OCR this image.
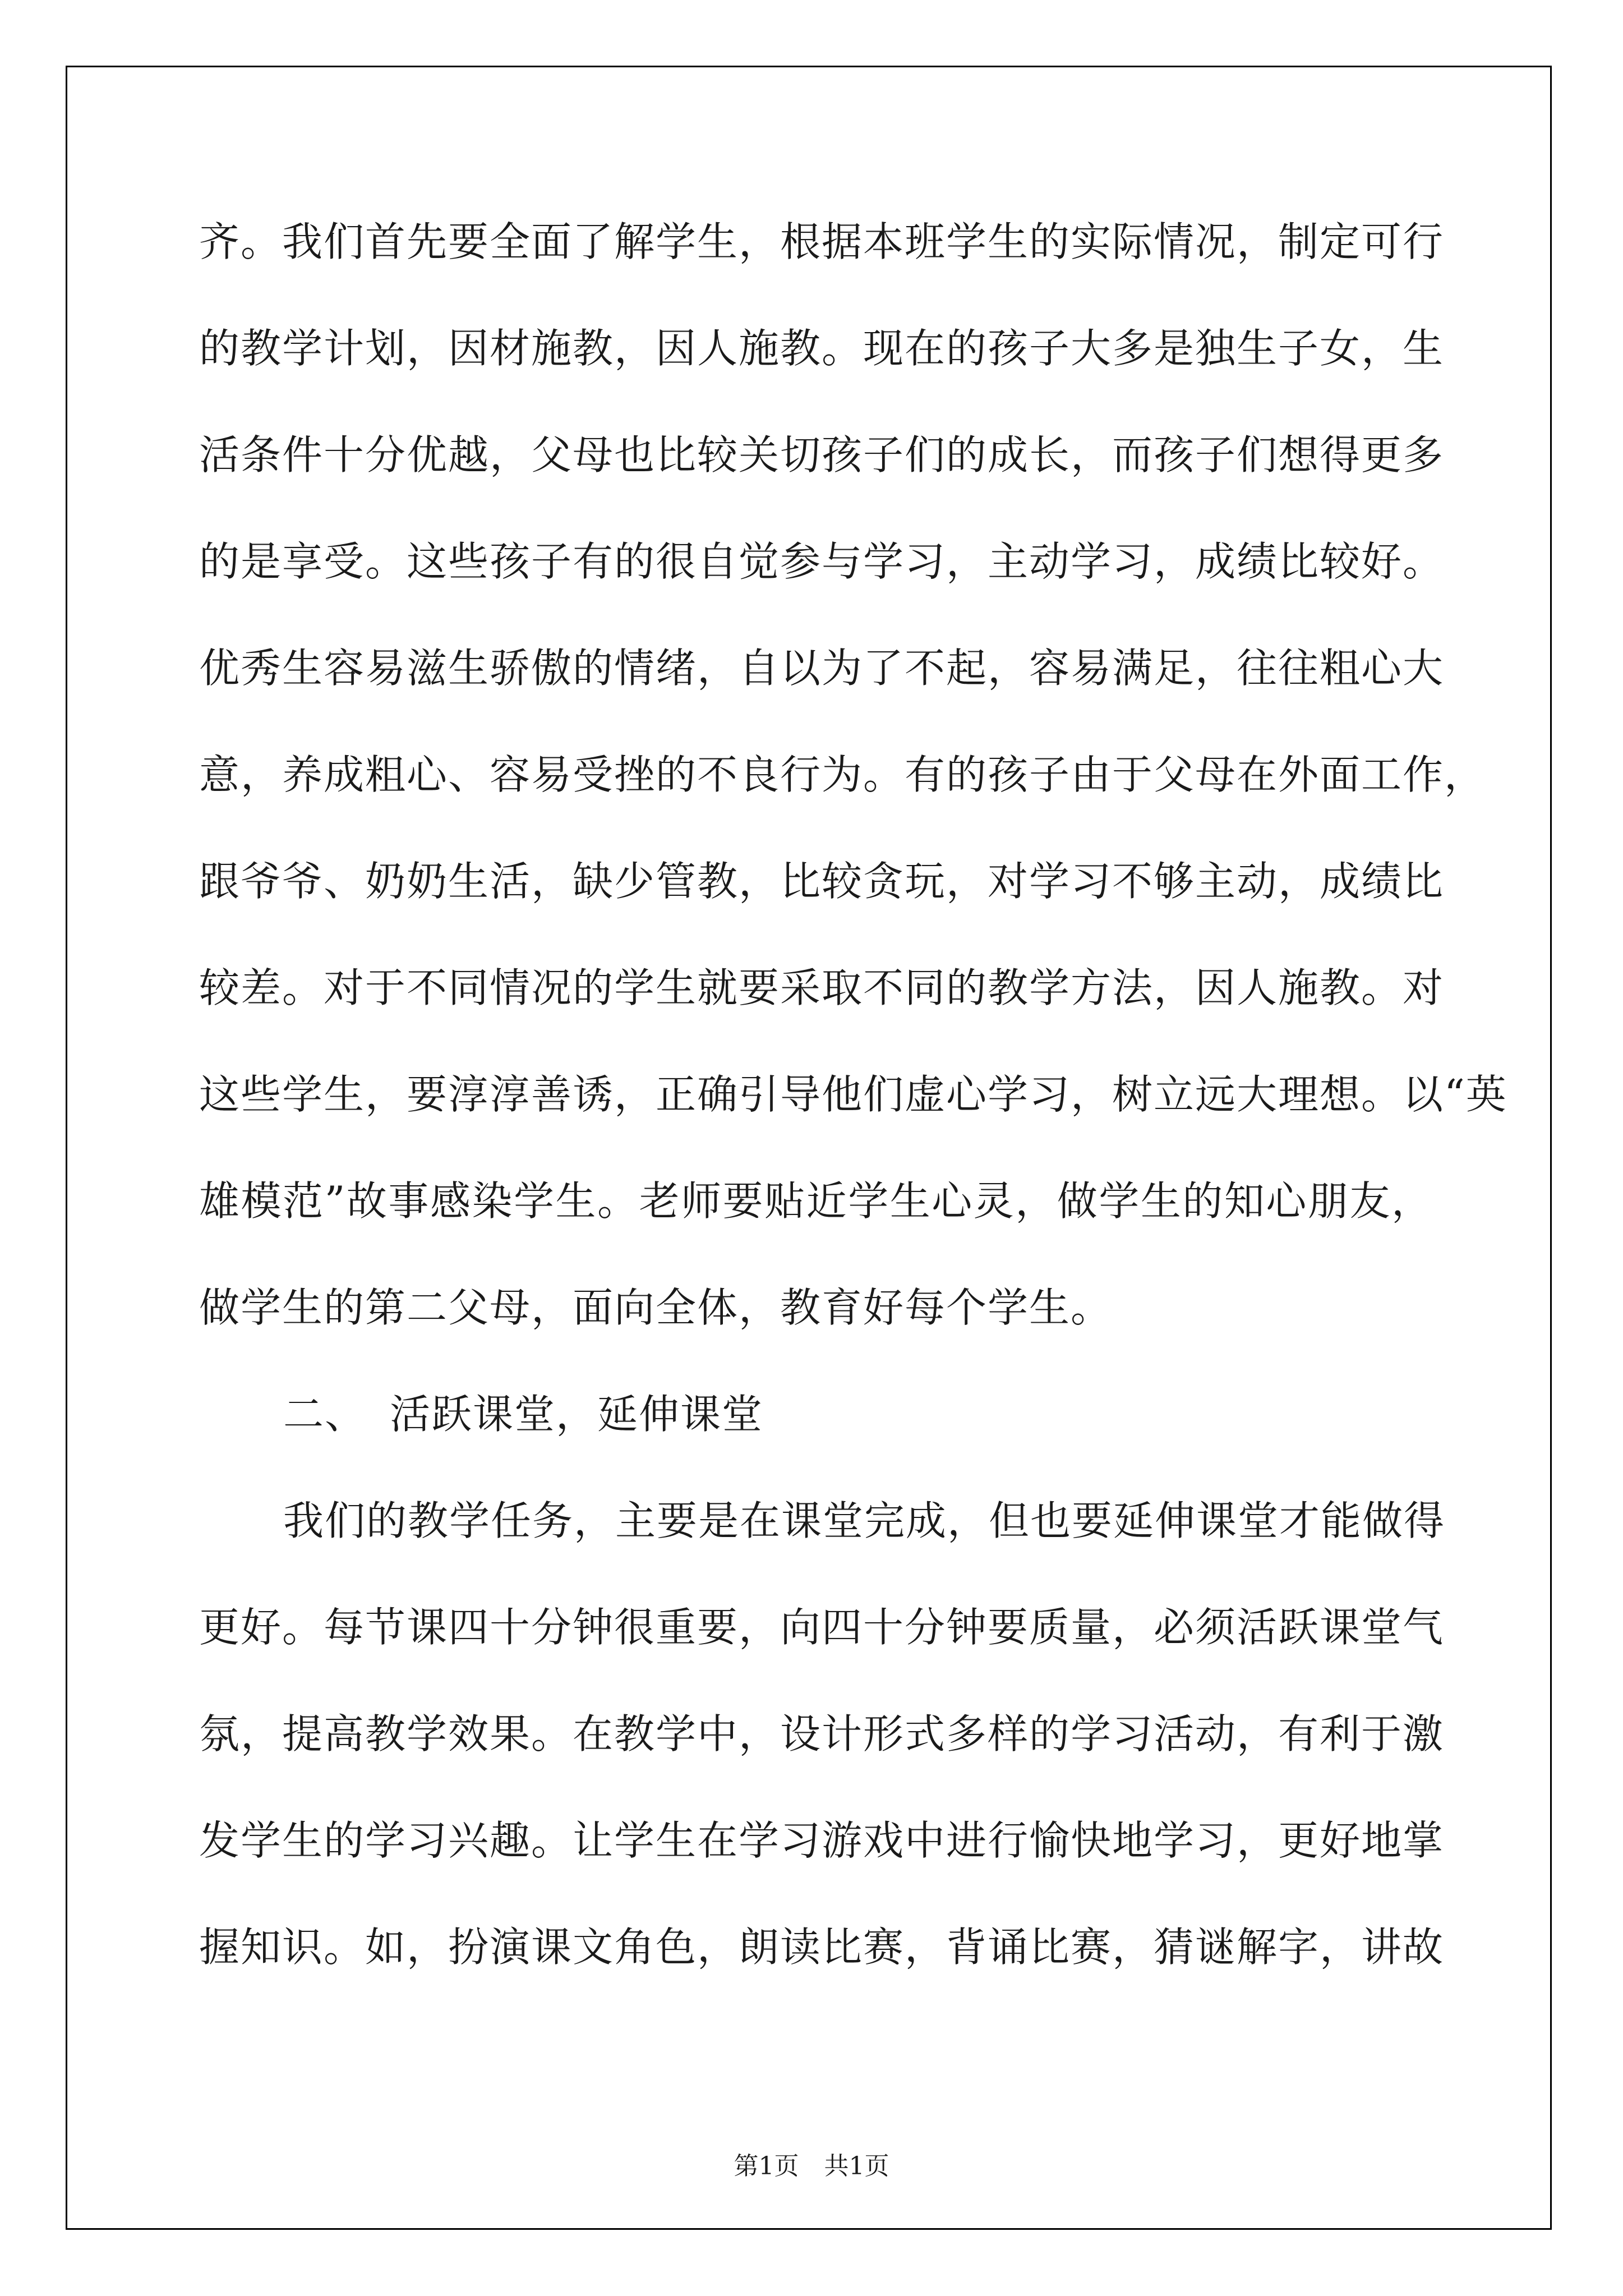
齐。我们首先要全面了解学生，根据本班学生的实际情况，制定可行
的教学计划，因材施教，因人施教。现在的孩子大多是独生子女，生
活条件十分优越，父母也比较关切孩子们的成长，而孩子们想得更多
的是享受。这些孩子有的很自觉参与学习，主动学习，成绩比较好。
优秀生容易滋生骄傲的情绪，自以为了不起，容易满足，往往粗心大
意，养成粗心、容易受挫的不良行为。有的孩子由于父母在外面工作，
跟爷爷、奶奶生活，缺少管教，比较贪玩，对学习不够主动，成绩比
较差。对于不同情况的学生就要采取不同的教学方法，因人施教。对
这些学生，要淳淳善诱，正确引导他们虚心学习，树立远大理想。以“英
雄模范”故事感染学生。老师要贴近学生心灵，做学生的知心朋友，
做学生的第二父母，面向全体，教育好每个学生。
二、 活跃课堂，延伸课堂
我们的教学任务，主要是在课堂完成，但也要延伸课堂才能做得
更好。每节课四十分钟很重要，向四十分钟要质量，必须活跃课堂气
氛，提高教学效果。在教学中，设计形式多样的学习活动，有利于激
发学生的学习兴趣。让学生在学习游戏中进行愉快地学习，更好地掌
握知识。如，扮演课文角色，朗读比赛，背诵比赛，猜谜解字，讲故
第1页 共1页
